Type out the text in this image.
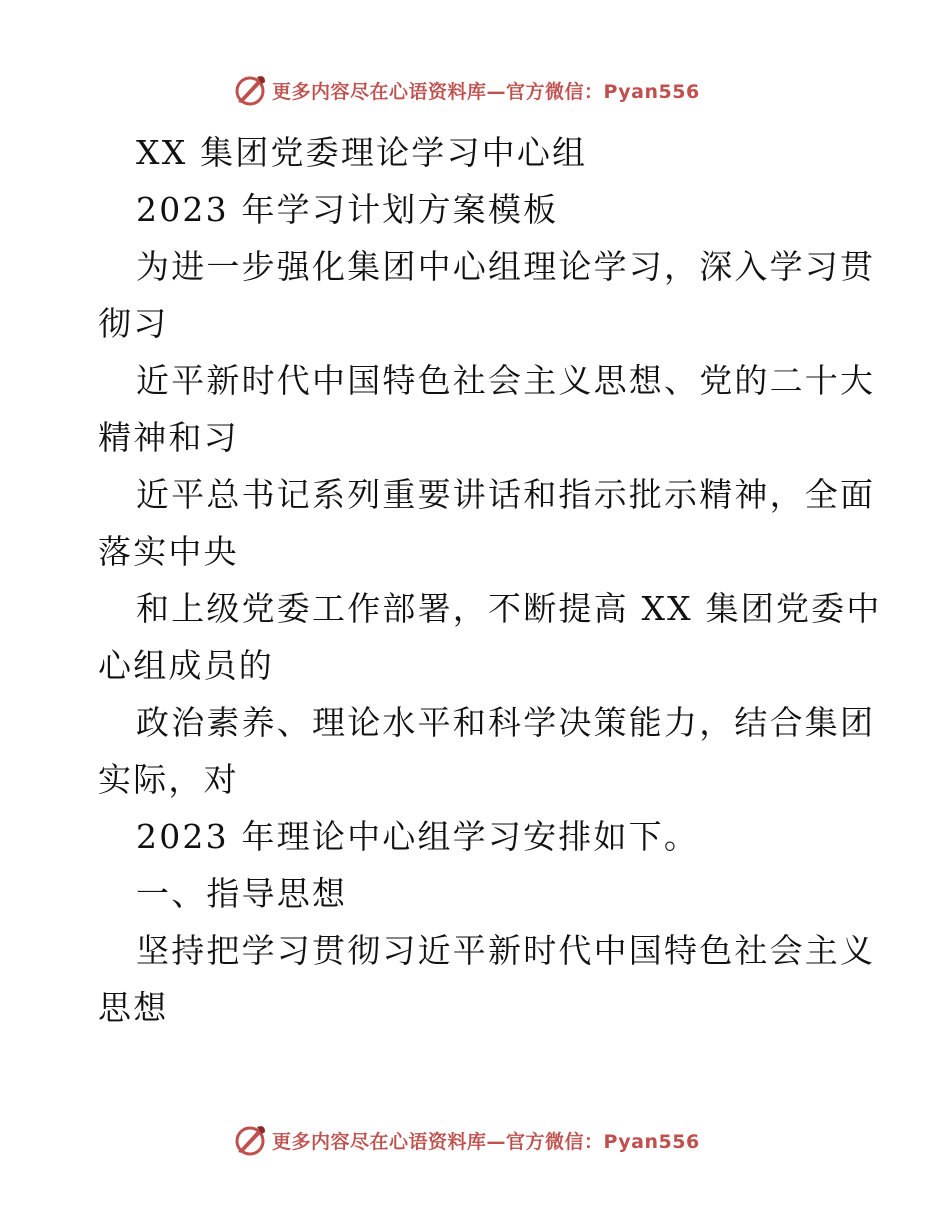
更多内容尽在心语资料库—官方微信：Pyan556
XX 集团党委理论学习中心组
2023 年学习计划方案模板
为进一步强化集团中心组理论学习，深入学习贯
彻习
近平新时代中国特色社会主义思想、党的二十大
精神和习
近平总书记系列重要讲话和指示批示精神，全面
落实中央
和上级党委工作部署，不断提高 XX 集团党委中
心组成员的
政治素养、理论水平和科学决策能力，结合集团
实际，对
2023 年理论中心组学习安排如下。
一、指导思想
坚持把学习贯彻习近平新时代中国特色社会主义
思想
更多内容尽在心语资料库—官方微信：Pyan556
